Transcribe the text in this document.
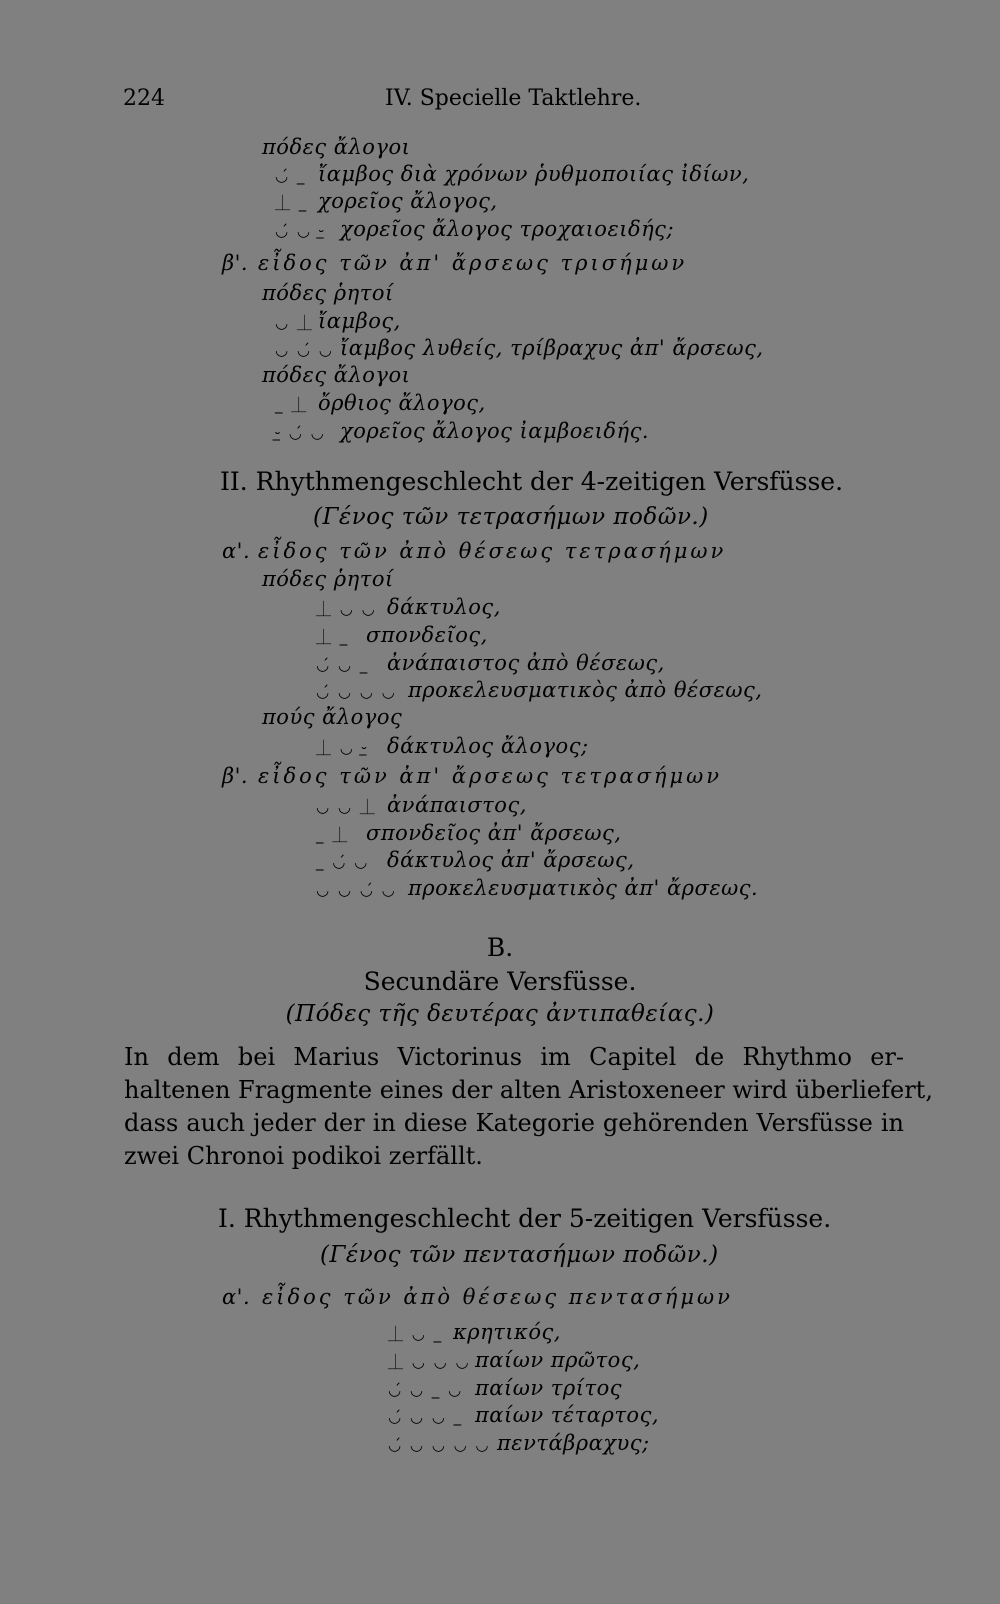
224	IV. Specielle Taktlehre.
πόδες ἄλογοι
◡́ _ ἴαμβος διὰ χρόνων ῥυθμοποιίας ἰδίων,
⏊ _ χορεῖος ἄλογος,
◡́ ◡ ⏑̲ χορεῖος ἄλογος τροχαιοειδής;
β'. εἶδος τῶν ἀπ' ἄρσεως τρισήμων
πόδες ῥητοί
◡ ⏊ ἴαμβος,
◡ ◡́ ◡ ἴαμβος λυθείς, τρίβραχυς ἀπ' ἄρσεως,
πόδες ἄλογοι
_ ⏊ ὄρθιος ἄλογος,
⏑̲ ◡́ ◡ χορεῖος ἄλογος ἰαμβοειδής.
II. Rhythmengeschlecht der 4-zeitigen Versfüsse.
(Γένος τῶν τετρασήμων ποδῶν.)
α'. εἶδος τῶν ἀπὸ θέσεως τετρασήμων
πόδες ῥητοί
⏊ ◡ ◡ δάκτυλος,
⏊ _ σπονδεῖος,
◡́ ◡ _ ἀνάπαιστος ἀπὸ θέσεως,
◡́ ◡ ◡ ◡ προκελευσματικὸς ἀπὸ θέσεως,
πούς ἄλογος
⏊ ◡ ⏑̲ δάκτυλος ἄλογος;
β'. εἶδος τῶν ἀπ' ἄρσεως τετρασήμων
◡ ◡ ⏊ ἀνάπαιστος,
_ ⏊ σπονδεῖος ἀπ' ἄρσεως,
_ ◡́ ◡ δάκτυλος ἀπ' ἄρσεως,
◡ ◡ ◡́ ◡ προκελευσματικὸς ἀπ' ἄρσεως.
B.
Secundäre Versfüsse.
(Πόδες τῆς δευτέρας ἀντιπαθείας.)
In dem bei Marius Victorinus im Capitel de Rhythmo er-
haltenen Fragmente eines der alten Aristoxeneer wird überliefert,
dass auch jeder der in diese Kategorie gehörenden Versfüsse in
zwei Chronoi podikoi zerfällt.
I. Rhythmengeschlecht der 5-zeitigen Versfüsse.
(Γένος τῶν πεντασήμων ποδῶν.)
α'. εἶδος τῶν ἀπὸ θέσεως πεντασήμων
⏊ ◡ _ κρητικός,
⏊ ◡ ◡ ◡ παίων πρῶτος,
◡́ ◡ _ ◡ παίων τρίτος
◡́ ◡ ◡ _ παίων τέταρτος,
◡́ ◡ ◡ ◡ ◡ πεντάβραχυς;
